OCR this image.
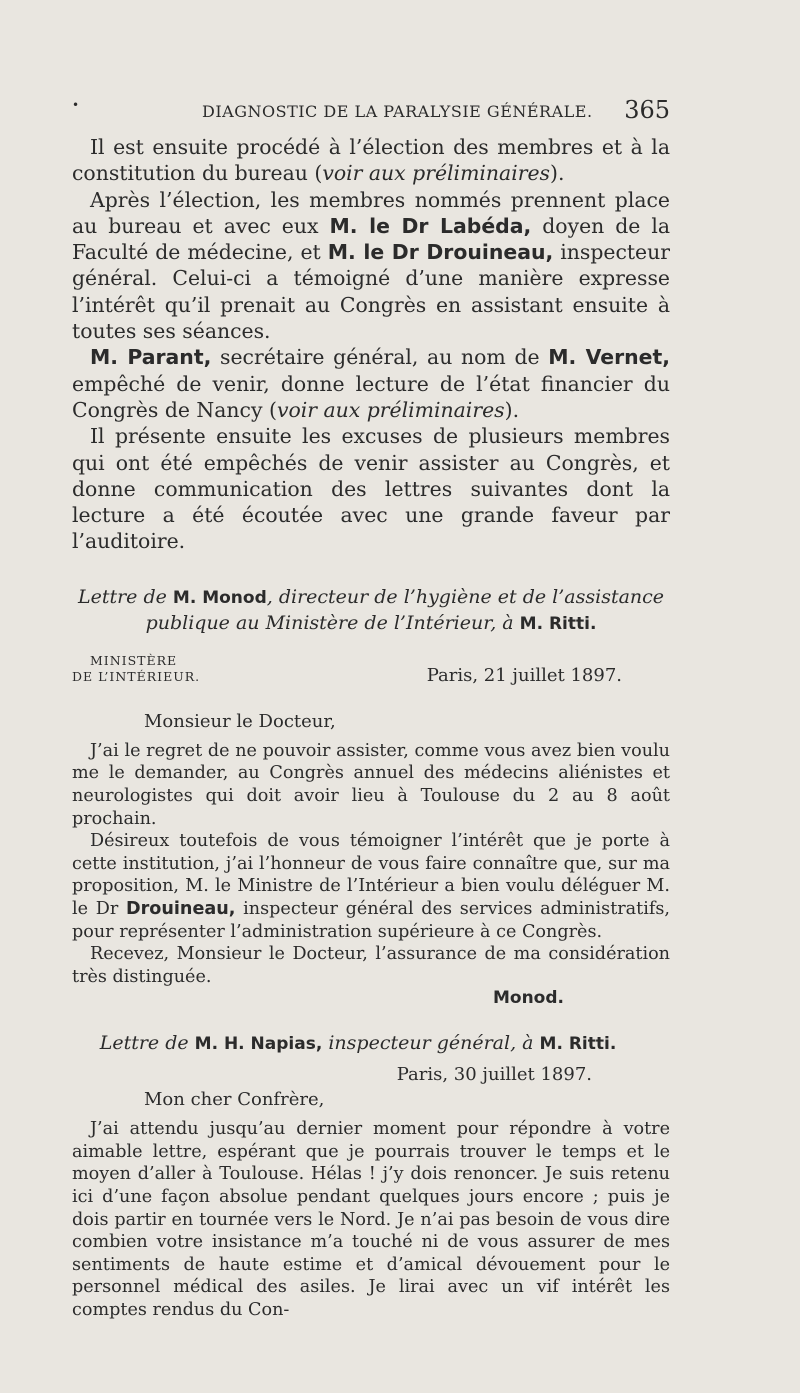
•	DIAGNOSTIC DE LA PARALYSIE GÉNÉRALE. 365

Il est ensuite procédé à l’élection des membres et à la constitution du bureau (voir aux préliminaires).

Après l’élection, les membres nommés prennent place au bureau et avec eux M. le Dr Labéda, doyen de la Faculté de médecine, et M. le Dr Drouineau, inspecteur général. Celui-ci a témoigné d’une manière expresse l’intérêt qu’il prenait au Congrès en assistant ensuite à toutes ses séances.

M. Parant, secrétaire général, au nom de M. Vernet, empêché de venir, donne lecture de l’état financier du Congrès de Nancy (voir aux préliminaires).

Il présente ensuite les excuses de plusieurs membres qui ont été empêchés de venir assister au Congrès, et donne communication des lettres suivantes dont la lecture a été écoutée avec une grande faveur par l’auditoire.

Lettre de M. Monod, directeur de l’hygiène et de l’assistance publique au Ministère de l’Intérieur, à M. Ritti.

MINISTÈRE
DE L’INTÉRIEUR.	Paris, 21 juillet 1897.

Monsieur le Docteur,

J’ai le regret de ne pouvoir assister, comme vous avez bien voulu me le demander, au Congrès annuel des médecins aliénistes et neurologistes qui doit avoir lieu à Toulouse du 2 au 8 août prochain.

Désireux toutefois de vous témoigner l’intérêt que je porte à cette institution, j’ai l’honneur de vous faire connaître que, sur ma proposition, M. le Ministre de l’Intérieur a bien voulu déléguer M. le Dr Drouineau, inspecteur général des services administratifs, pour représenter l’administration supérieure à ce Congrès.

Recevez, Monsieur le Docteur, l’assurance de ma considération très distinguée.

Monod.

Lettre de M. H. Napias, inspecteur général, à M. Ritti.

Paris, 30 juillet 1897.

Mon cher Confrère,

J’ai attendu jusqu’au dernier moment pour répondre à votre aimable lettre, espérant que je pourrais trouver le temps et le moyen d’aller à Toulouse. Hélas ! j’y dois renoncer. Je suis retenu ici d’une façon absolue pendant quelques jours encore ; puis je dois partir en tournée vers le Nord. Je n’ai pas besoin de vous dire combien votre insistance m’a touché ni de vous assurer de mes sentiments de haute estime et d’amical dévouement pour le personnel médical des asiles. Je lirai avec un vif intérêt les comptes rendus du Con-
